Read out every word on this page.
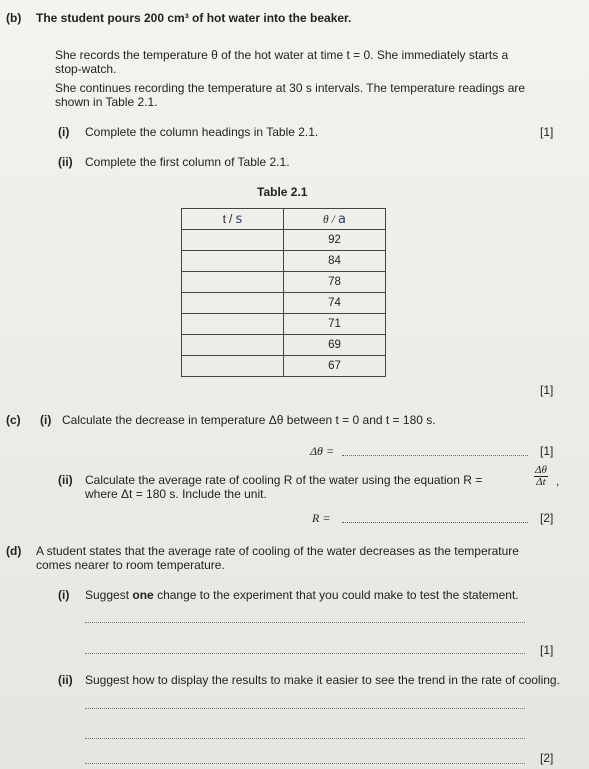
(b) The student pours 200 cm³ of hot water into the beaker.
She records the temperature θ of the hot water at time t = 0. She immediately starts a
stop-watch.
She continues recording the temperature at 30 s intervals. The temperature readings are
shown in Table 2.1.
(i) Complete the column headings in Table 2.1.	[1]
(ii) Complete the first column of Table 2.1.
Table 2.1
t / s	θ / a
	92
	84
	78
	74
	71
	69
	67
[1]
(c) (i) Calculate the decrease in temperature Δθ between t = 0 and t = 180 s.
Δθ =	[1]
(ii) Calculate the average rate of cooling R of the water using the equation R =	$\frac{\Delta\theta}{\Delta t}$ ,
where Δt = 180 s. Include the unit.
R =	[2]
(d) A student states that the average rate of cooling of the water decreases as the temperature
comes nearer to room temperature.
(i) Suggest one change to the experiment that you could make to test the statement.
[1]
(ii) Suggest how to display the results to make it easier to see the trend in the rate of cooling.
[2]
